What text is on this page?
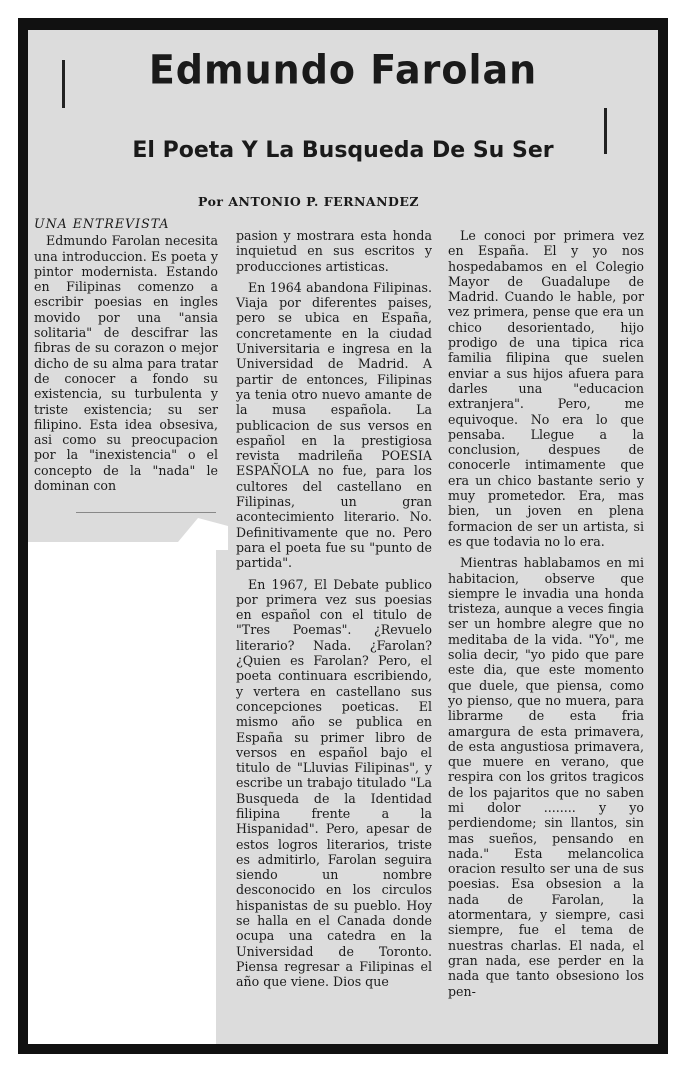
Edmundo Farolan
El Poeta Y La Busqueda De Su Ser
Por ANTONIO P. FERNANDEZ

UNA ENTREVISTA

Edmundo Farolan necesita una introduccion. Es poeta y pintor modernista. Estando en Filipinas comenzo a escribir poesias en ingles movido por una "ansia solitaria" de descifrar las fibras de su corazon o mejor dicho de su alma para tratar de conocer a fondo su existencia, su turbulenta y triste existencia; su ser filipino. Esta idea obsesiva, asi como su preocupacion por la "inexistencia" o el concepto de la "nada" le dominan con

pasion y mostrara esta honda inquietud en sus escritos y producciones artisticas.

En 1964 abandona Filipinas. Viaja por diferentes paises, pero se ubica en España, concretamente en la ciudad Universitaria e ingresa en la Universidad de Madrid. A partir de entonces, Filipinas ya tenia otro nuevo amante de la musa española. La publicacion de sus versos en español en la prestigiosa revista madrileña POESIA ESPAÑOLA no fue, para los cultores del castellano en Filipinas, un gran acontecimiento literario. No. Definitivamente que no. Pero para el poeta fue su "punto de partida".

En 1967, El Debate publico por primera vez sus poesias en español con el titulo de "Tres Poemas". ¿Revuelo literario? Nada. ¿Farolan? ¿Quien es Farolan? Pero, el poeta continuara escribiendo, y vertera en castellano sus concepciones poeticas. El mismo año se publica en España su primer libro de versos en español bajo el titulo de "Lluvias Filipinas", y escribe un trabajo titulado "La Busqueda de la Identidad filipina frente a la Hispanidad". Pero, apesar de estos logros literarios, triste es admitirlo, Farolan seguira siendo un nombre desconocido en los circulos hispanistas de su pueblo. Hoy se halla en el Canada donde ocupa una catedra en la Universidad de Toronto. Piensa regresar a Filipinas el año que viene. Dios que

Le conoci por primera vez en España. El y yo nos hospedabamos en el Colegio Mayor de Guadalupe de Madrid. Cuando le hable, por vez primera, pense que era un chico desorientado, hijo prodigo de una tipica rica familia filipina que suelen enviar a sus hijos afuera para darles una "educacion extranjera". Pero, me equivoque. No era lo que pensaba. Llegue a la conclusion, despues de conocerle intimamente que era un chico bastante serio y muy prometedor. Era, mas bien, un joven en plena formacion de ser un artista, si es que todavia no lo era.

Mientras hablabamos en mi habitacion, observe que siempre le invadia una honda tristeza, aunque a veces fingia ser un hombre alegre que no meditaba de la vida. "Yo", me solia decir, "yo pido que pare este dia, que este momento que duele, que piensa, como yo pienso, que no muera, para librarme de esta fria amargura de esta primavera, de esta angustiosa primavera, que muere en verano, que respira con los gritos tragicos de los pajaritos que no saben mi dolor ........ y yo perdiendome; sin llantos, sin mas sueños, pensando en nada." Esta melancolica oracion resulto ser una de sus poesias. Esa obsesion a la nada de Farolan, la atormentara, y siempre, casi siempre, fue el tema de nuestras charlas. El nada, el gran nada, ese perder en la nada que tanto obsesiono los pen-
